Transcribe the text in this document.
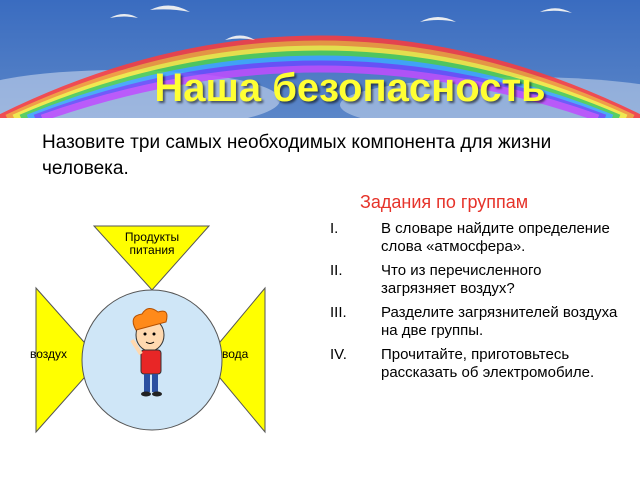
Наша безопасность
Назовите три самых необходимых компонента для жизни человека.
Задания по группам
I.	В словаре найдите определение слова «атмосфера».
II.	Что из перечисленного загрязняет воздух?
III. Разделите загрязнителей воздуха на две группы.
IV. Прочитайте, приготовьтесь рассказать об электромобиле.
Продукты питания
воздух	вода
